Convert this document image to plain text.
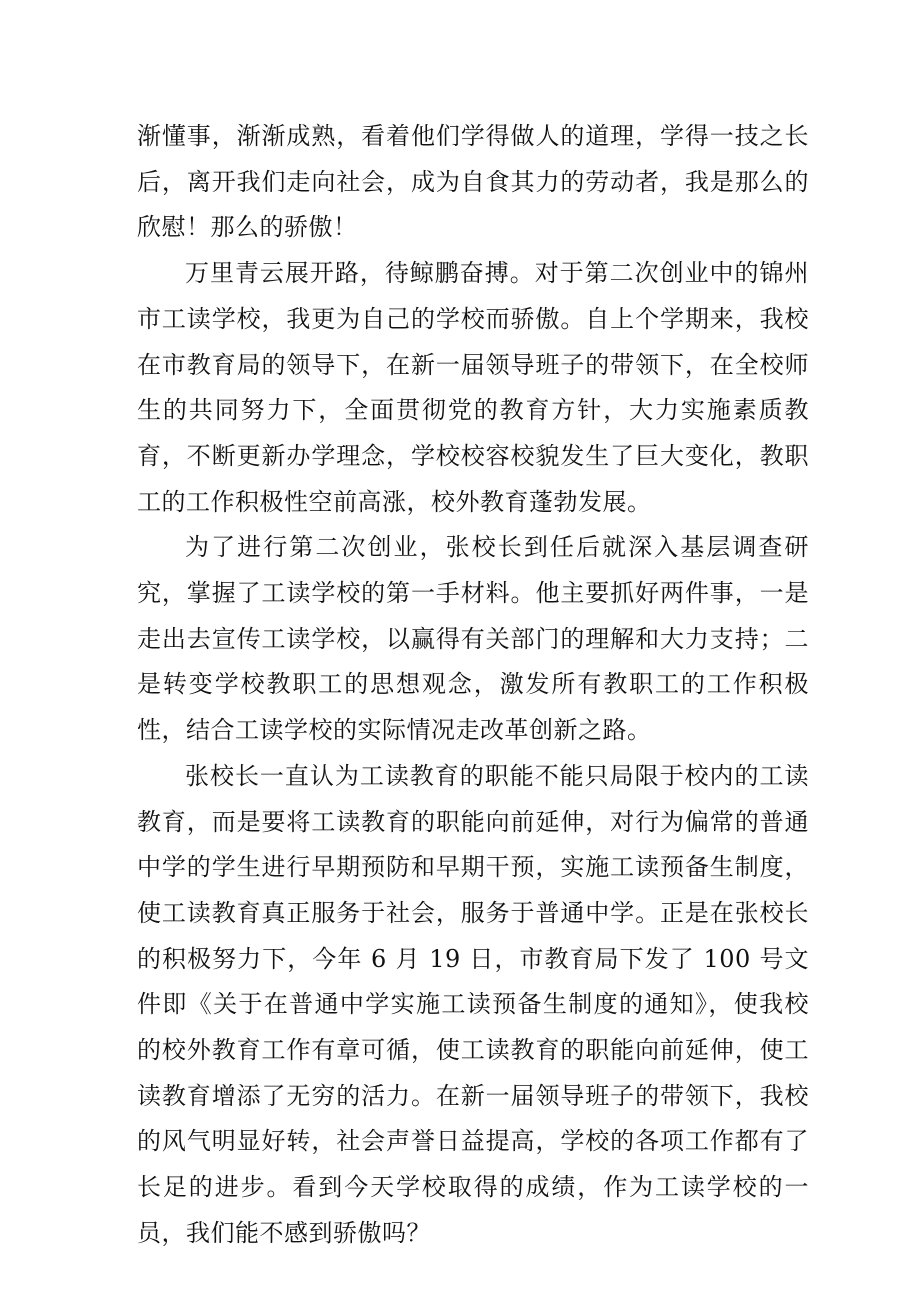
渐懂事，渐渐成熟，看着他们学得做人的道理，学得一技之长后，离开我们走向社会，成为自食其力的劳动者，我是那么的欣慰！那么的骄傲！

万里青云展开路，待鲸鹏奋搏。对于第二次创业中的锦州市工读学校，我更为自己的学校而骄傲。自上个学期来，我校在市教育局的领导下，在新一届领导班子的带领下，在全校师生的共同努力下，全面贯彻党的教育方针，大力实施素质教育，不断更新办学理念，学校校容校貌发生了巨大变化，教职工的工作积极性空前高涨，校外教育蓬勃发展。

为了进行第二次创业，张校长到任后就深入基层调查研究，掌握了工读学校的第一手材料。他主要抓好两件事，一是走出去宣传工读学校，以赢得有关部门的理解和大力支持；二是转变学校教职工的思想观念，激发所有教职工的工作积极性，结合工读学校的实际情况走改革创新之路。

张校长一直认为工读教育的职能不能只局限于校内的工读教育，而是要将工读教育的职能向前延伸，对行为偏常的普通中学的学生进行早期预防和早期干预，实施工读预备生制度，使工读教育真正服务于社会，服务于普通中学。正是在张校长的积极努力下，今年 6 月 19 日，市教育局下发了 100 号文件即《关于在普通中学实施工读预备生制度的通知》，使我校的校外教育工作有章可循，使工读教育的职能向前延伸，使工读教育增添了无穷的活力。在新一届领导班子的带领下，我校的风气明显好转，社会声誉日益提高，学校的各项工作都有了长足的进步。看到今天学校取得的成绩，作为工读学校的一员，我们能不感到骄傲吗？
